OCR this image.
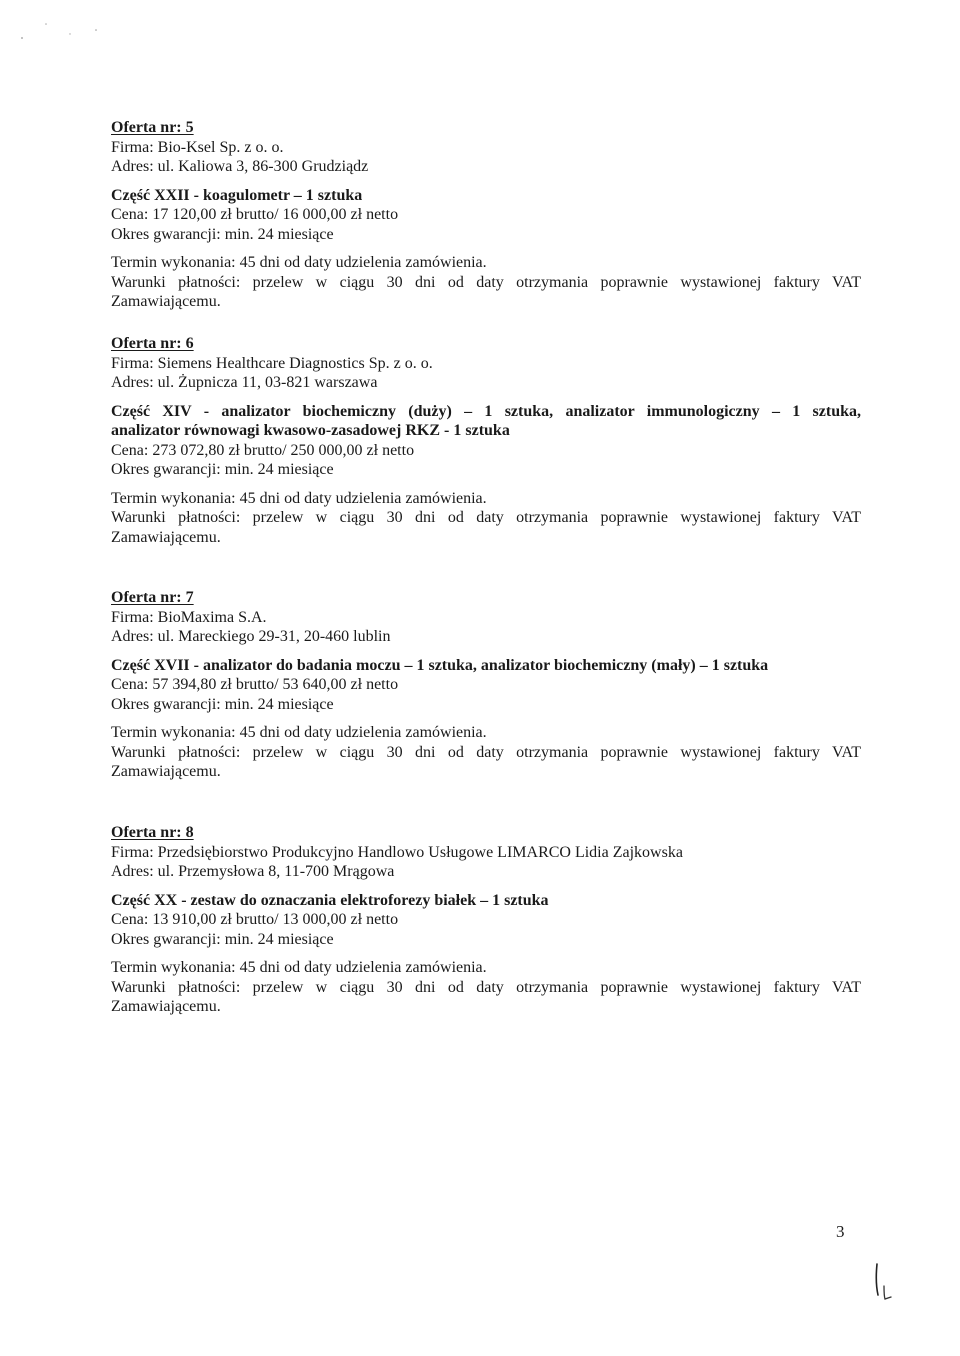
Oferta nr: 5

Firma: Bio-Ksel Sp. z o. o.

Adres: ul. Kaliowa 3, 86-300 Grudziądz

Część XXII - koagulometr – 1 sztuka

Cena: 17 120,00 zł brutto/ 16 000,00 zł netto

Okres gwarancji: min. 24 miesiące

Termin wykonania: 45 dni od daty udzielenia zamówienia.

Warunki płatności: przelew w ciągu 30 dni od daty otrzymania poprawnie wystawionej faktury VAT

Zamawiającemu.

Oferta nr: 6

Firma: Siemens Healthcare Diagnostics Sp. z o. o.

Adres: ul. Żupnicza 11, 03-821 warszawa

Część XIV - analizator biochemiczny (duży) – 1 sztuka, analizator immunologiczny – 1 sztuka,

analizator równowagi kwasowo-zasadowej RKZ - 1 sztuka

Cena: 273 072,80 zł brutto/ 250 000,00 zł netto

Okres gwarancji: min. 24 miesiące

Termin wykonania: 45 dni od daty udzielenia zamówienia.

Warunki płatności: przelew w ciągu 30 dni od daty otrzymania poprawnie wystawionej faktury VAT

Zamawiającemu.

Oferta nr: 7

Firma: BioMaxima S.A.

Adres: ul. Mareckiego 29-31, 20-460 lublin

Część XVII - analizator do badania moczu – 1 sztuka, analizator biochemiczny (mały) – 1 sztuka

Cena: 57 394,80 zł brutto/ 53 640,00 zł netto

Okres gwarancji: min. 24 miesiące

Termin wykonania: 45 dni od daty udzielenia zamówienia.

Warunki płatności: przelew w ciągu 30 dni od daty otrzymania poprawnie wystawionej faktury VAT

Zamawiającemu.

Oferta nr: 8

Firma: Przedsiębiorstwo Produkcyjno Handlowo Usługowe LIMARCO Lidia Zajkowska

Adres: ul. Przemysłowa 8, 11-700 Mrągowa

Część XX - zestaw do oznaczania elektroforezy białek – 1 sztuka

Cena: 13 910,00 zł brutto/ 13 000,00 zł netto

Okres gwarancji: min. 24 miesiące

Termin wykonania: 45 dni od daty udzielenia zamówienia.

Warunki płatności: przelew w ciągu 30 dni od daty otrzymania poprawnie wystawionej faktury VAT

Zamawiającemu.

3
